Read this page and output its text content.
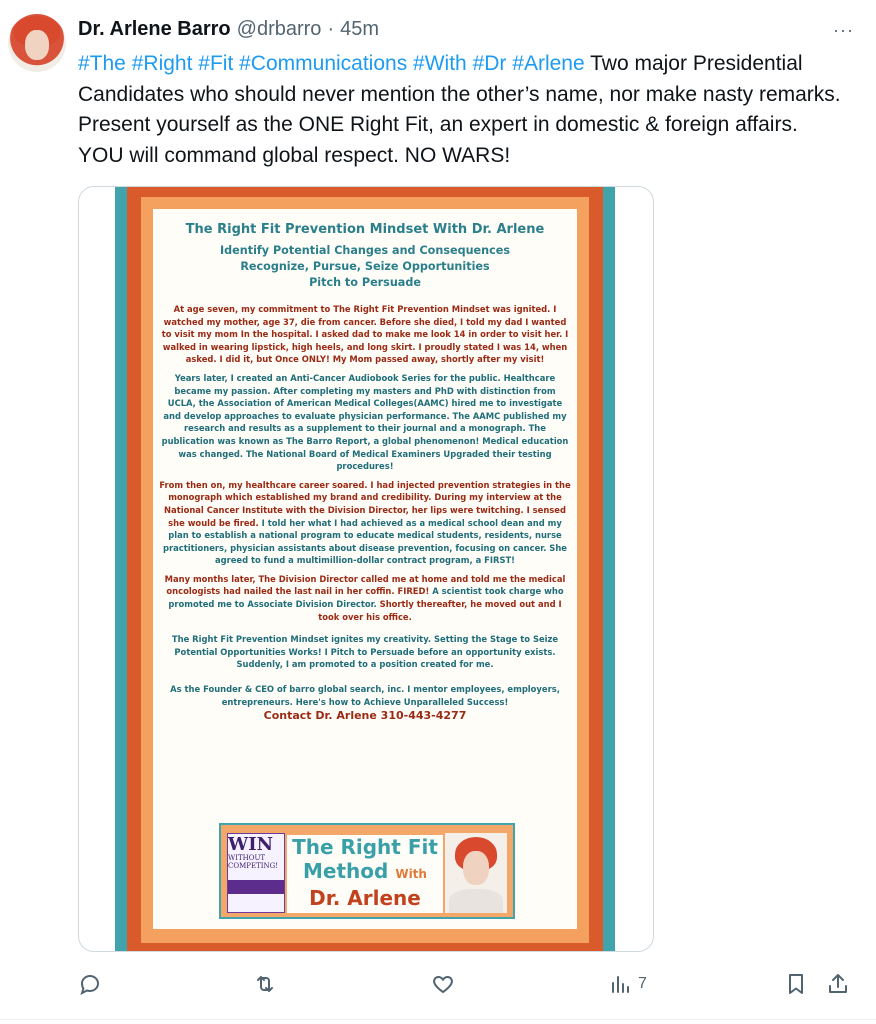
Dr. Arlene Barro @drbarro · 45m	···
#The #Right #Fit #Communications #With #Dr #Arlene Two major Presidential Candidates who should never mention the other’s name, nor make nasty remarks. Present yourself as the ONE Right Fit, an expert in domestic & foreign affairs. YOU will command global respect. NO WARS!
The Right Fit Prevention Mindset With Dr. Arlene
Identify Potential Changes and Consequences
Recognize, Pursue, Seize Opportunities
Pitch to Persuade
At age seven, my commitment to The Right Fit Prevention Mindset was ignited. I watched my mother, age 37, die from cancer. Before she died, I told my dad I wanted to visit my mom In the hospital. I asked dad to make me look 14 in order to visit her. I walked in wearing lipstick, high heels, and long skirt. I proudly stated I was 14, when asked. I did it, but Once ONLY! My Mom passed away, shortly after my visit!
Years later, I created an Anti-Cancer Audiobook Series for the public. Healthcare became my passion. After completing my masters and PhD with distinction from UCLA, the Association of American Medical Colleges(AAMC) hired me to investigate and develop approaches to evaluate physician performance. The AAMC published my research and results as a supplement to their journal and a monograph. The publication was known as The Barro Report, a global phenomenon! Medical education was changed. The National Board of Medical Examiners Upgraded their testing procedures!
From then on, my healthcare career soared. I had injected prevention strategies in the monograph which established my brand and credibility. During my interview at the National Cancer Institute with the Division Director, her lips were twitching. I sensed she would be fired. I told her what I had achieved as a medical school dean and my plan to establish a national program to educate medical students, residents, nurse practitioners, physician assistants about disease prevention, focusing on cancer. She agreed to fund a multimillion-dollar contract program, a FIRST!
Many months later, The Division Director called me at home and told me the medical oncologists had nailed the last nail in her coffin. FIRED! A scientist took charge who promoted me to Associate Division Director. Shortly thereafter, he moved out and I took over his office.
The Right Fit Prevention Mindset ignites my creativity. Setting the Stage to Seize Potential Opportunities Works! I Pitch to Persuade before an opportunity exists. Suddenly, I am promoted to a position created for me.
As the Founder & CEO of barro global search, inc. I mentor employees, employers, entrepreneurs. Here's how to Achieve Unparalleled Success!
Contact Dr. Arlene 310-443-4277
WIN
WITHOUT COMPETING!
The Right Fit
Method With
Dr. Arlene
7
